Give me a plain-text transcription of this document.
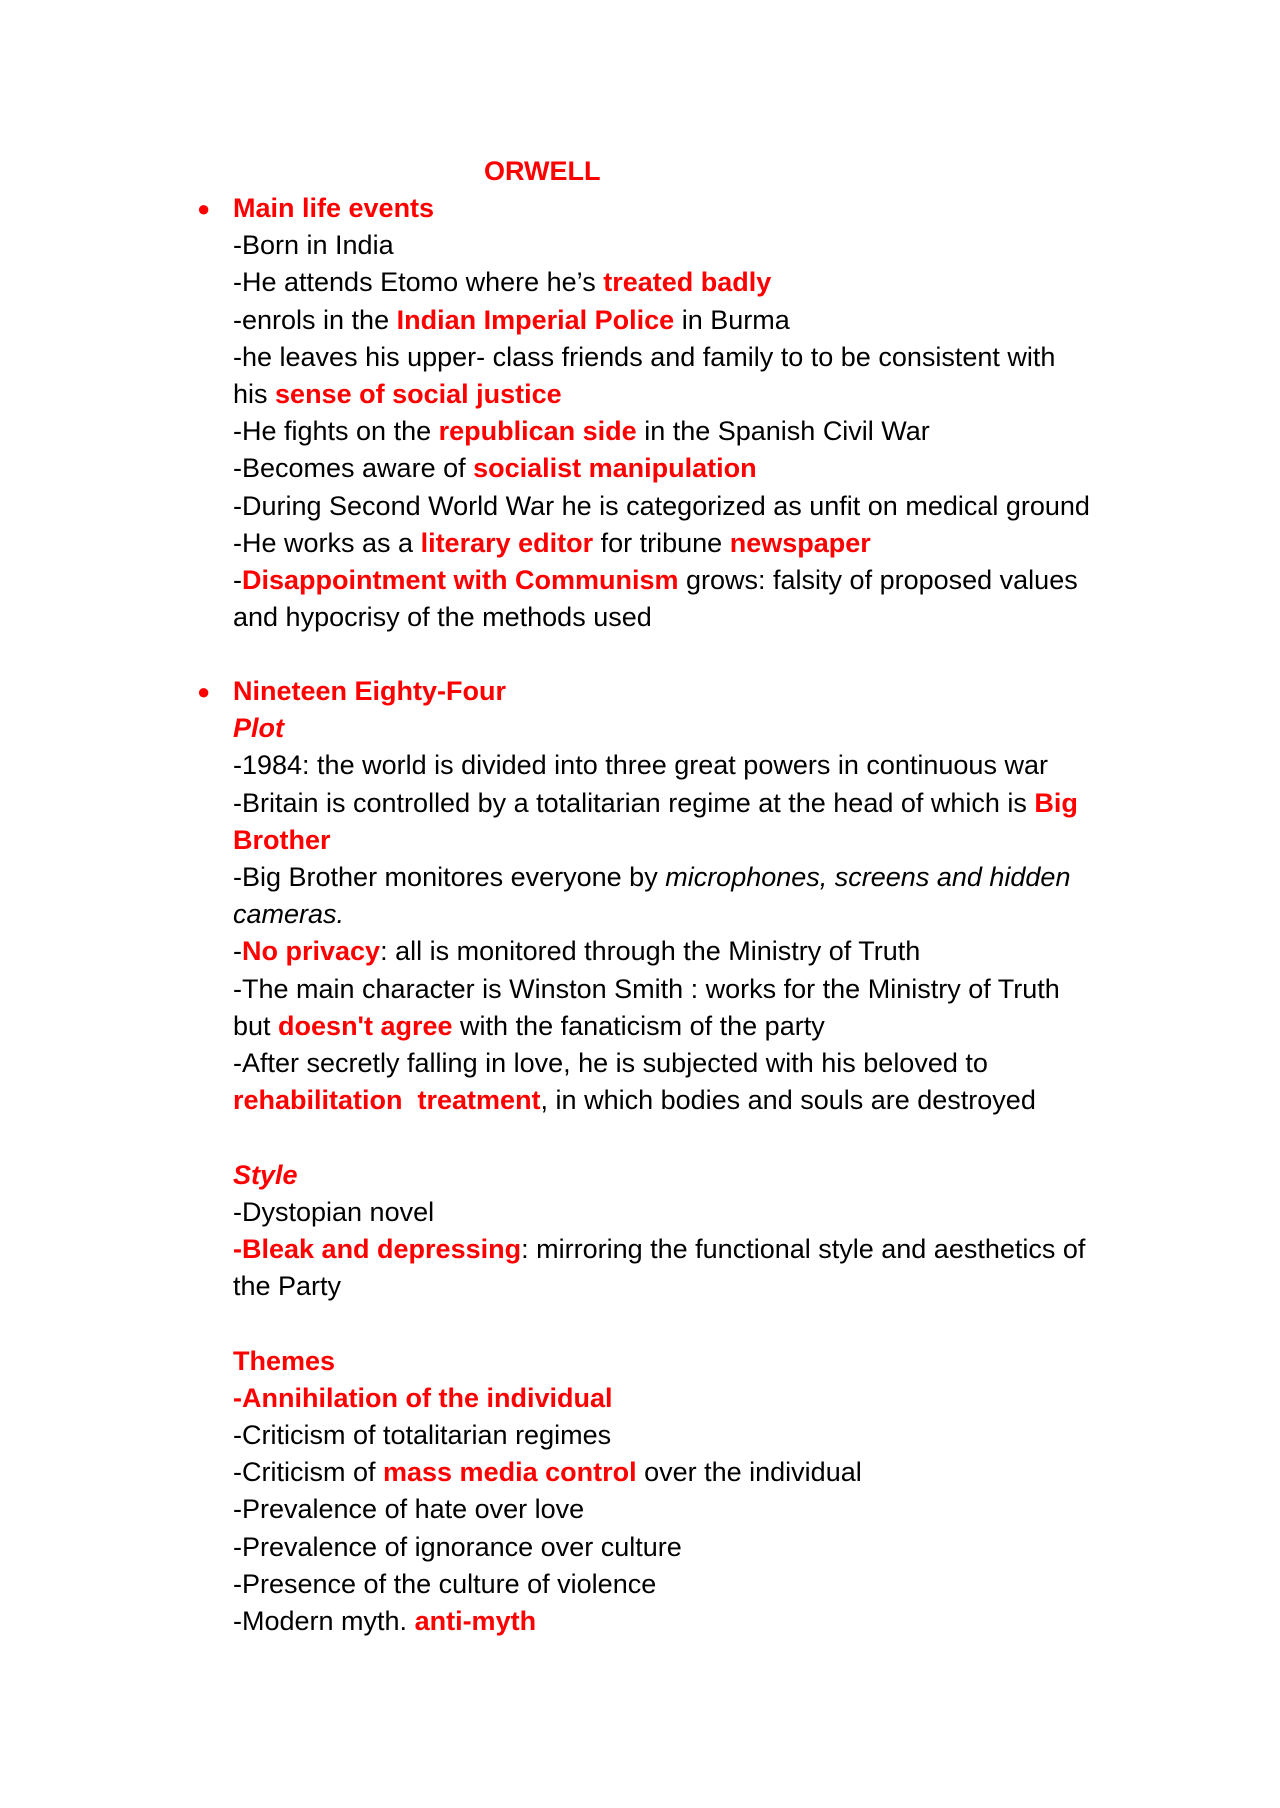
ORWELL
● Main life events
-Born in India
-He attends Etomo where he’s treated badly
-enrols in the Indian Imperial Police in Burma
-he leaves his upper- class friends and family to to be consistent with
his sense of social justice
-He fights on the republican side in the Spanish Civil War
-Becomes aware of socialist manipulation
-During Second World War he is categorized as unfit on medical ground
-He works as a literary editor for tribune newspaper
-Disappointment with Communism grows: falsity of proposed values
and hypocrisy of the methods used
● Nineteen Eighty-Four
Plot
-1984: the world is divided into three great powers in continuous war
-Britain is controlled by a totalitarian regime at the head of which is Big
Brother
-Big Brother monitores everyone by microphones, screens and hidden
cameras.
-No privacy: all is monitored through the Ministry of Truth
-The main character is Winston Smith : works for the Ministry of Truth
but doesn't agree with the fanaticism of the party
-After secretly falling in love, he is subjected with his beloved to
rehabilitation  treatment, in which bodies and souls are destroyed
Style
-Dystopian novel
-Bleak and depressing: mirroring the functional style and aesthetics of
the Party
Themes
-Annihilation of the individual
-Criticism of totalitarian regimes
-Criticism of mass media control over the individual
-Prevalence of hate over love
-Prevalence of ignorance over culture
-Presence of the culture of violence
-Modern myth. anti-myth
